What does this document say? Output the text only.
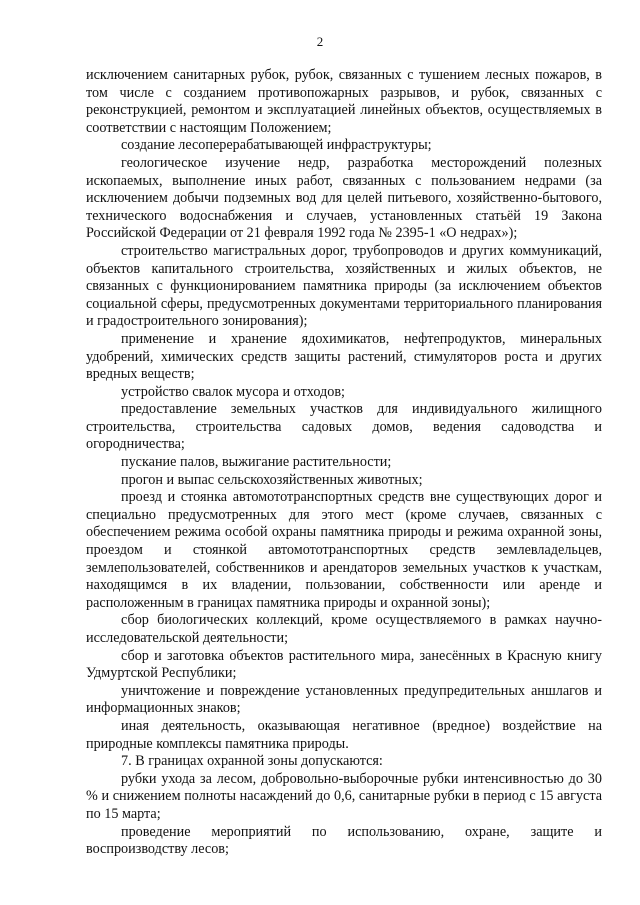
2

исключением санитарных рубок, рубок, связанных с тушением лесных пожаров, в том числе с созданием противопожарных разрывов, и рубок, связанных с реконструкцией, ремонтом и эксплуатацией линейных объектов, осуществляемых в соответствии с настоящим Положением;

создание лесоперерабатывающей инфраструктуры;

геологическое изучение недр, разработка месторождений полезных ископаемых, выполнение иных работ, связанных с пользованием недрами (за исключением добычи подземных вод для целей питьевого, хозяйственно-бытового, технического водоснабжения и случаев, установленных статьёй 19 Закона Российской Федерации от 21 февраля 1992 года № 2395-1 «О недрах»);

строительство магистральных дорог, трубопроводов и других коммуникаций, объектов капитального строительства, хозяйственных и жилых объектов, не связанных с функционированием памятника природы (за исключением объектов социальной сферы, предусмотренных документами территориального планирования и градостроительного зонирования);

применение и хранение ядохимикатов, нефтепродуктов, минеральных удобрений, химических средств защиты растений, стимуляторов роста и других вредных веществ;

устройство свалок мусора и отходов;

предоставление земельных участков для индивидуального жилищного строительства, строительства садовых домов, ведения садоводства и огородничества;

пускание палов, выжигание растительности;

прогон и выпас сельскохозяйственных животных;

проезд и стоянка автомототранспортных средств вне существующих дорог и специально предусмотренных для этого мест (кроме случаев, связанных с обеспечением режима особой охраны памятника природы и режима охранной зоны, проездом и стоянкой автомототранспортных средств землевладельцев, землепользователей, собственников и арендаторов земельных участков к участкам, находящимся в их владении, пользовании, собственности или аренде и расположенным в границах памятника природы и охранной зоны);

сбор биологических коллекций, кроме осуществляемого в рамках научно-исследовательской деятельности;

сбор и заготовка объектов растительного мира, занесённых в Красную книгу Удмуртской Республики;

уничтожение и повреждение установленных предупредительных аншлагов и информационных знаков;

иная деятельность, оказывающая негативное (вредное) воздействие на природные комплексы памятника природы.

7. В границах охранной зоны допускаются:

рубки ухода за лесом, добровольно-выборочные рубки интенсивностью до 30 % и снижением полноты насаждений до 0,6, санитарные рубки в период с 15 августа по 15 марта;

проведение мероприятий по использованию, охране, защите и воспроизводству лесов;
